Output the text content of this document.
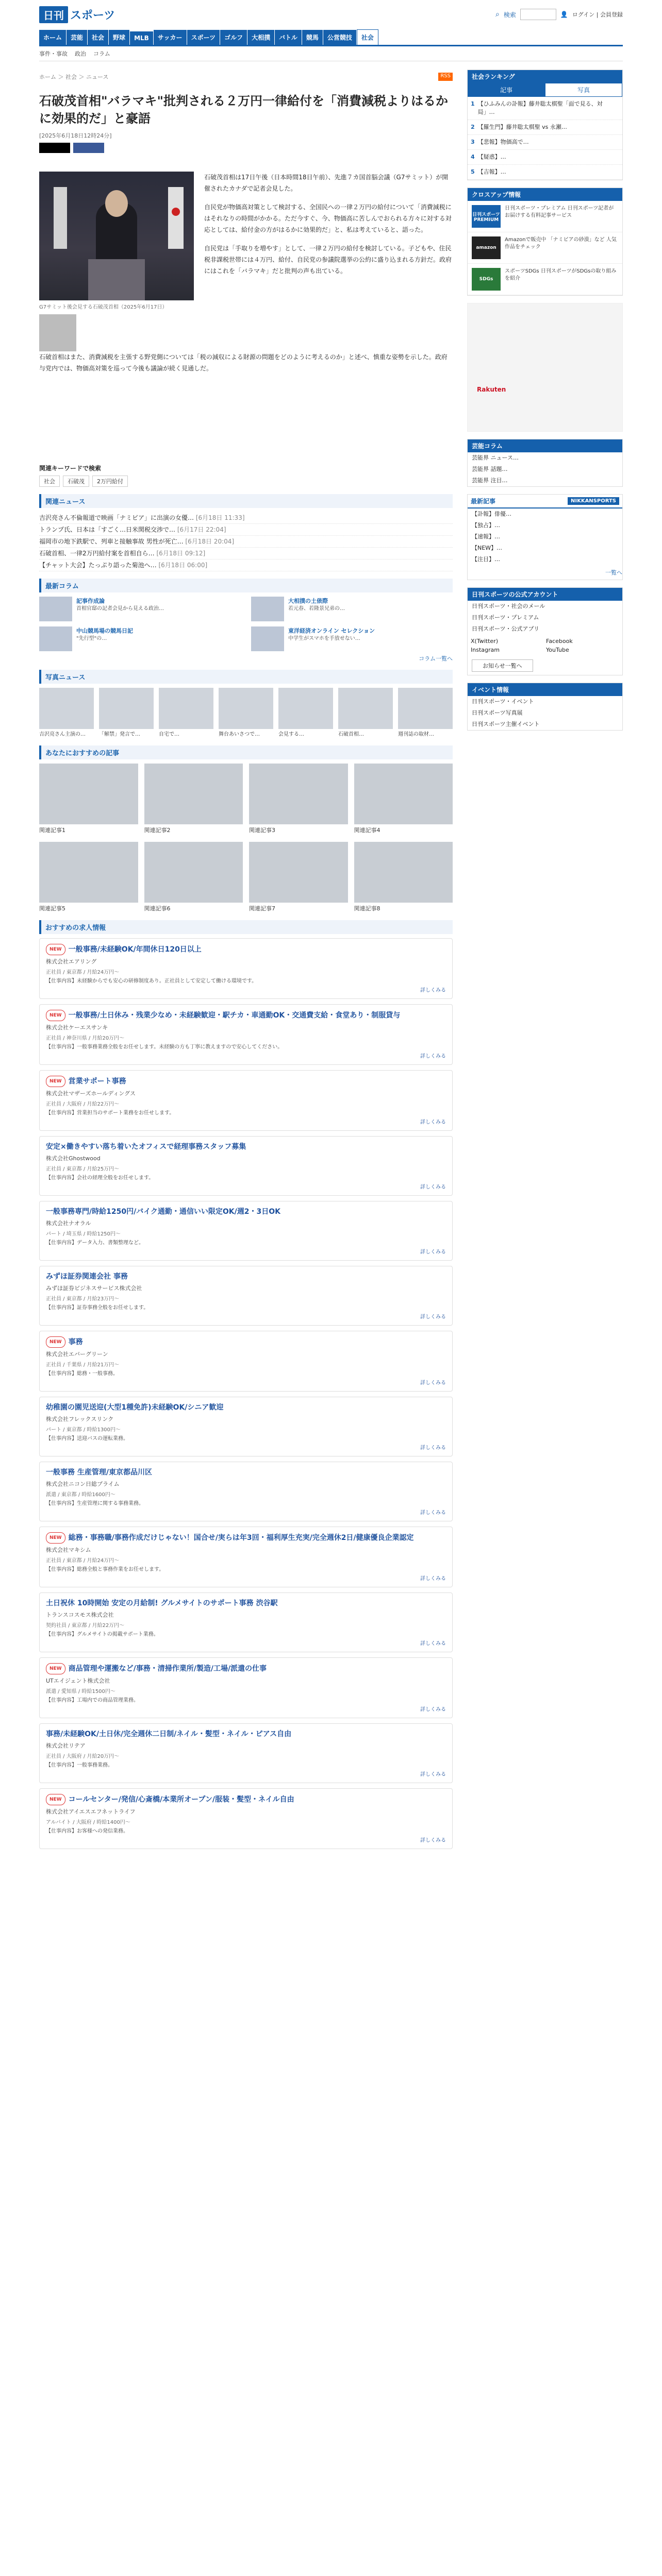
日刊 スポーツ	⌕ 検索	👤 ログイン | 会員登録
ホーム	芸能	社会	野球	MLB	サッカー	スポーツ	ゴルフ	大相撲	バトル	競馬	公営競技	社会
事件・事故 政治 コラム
ホーム ＞ 社会 ＞ ニュース	RSS
石破茂首相"バラマキ"批判される２万円一律給付を「消費減税よりはるかに効果的だ」と豪語
[2025年6月18日12時24分]
G7サミット後会見する石破茂首相（2025年6月17日）

石破茂首相は17日午後（日本時間18日午前）、先進７カ国首脳会議（G7サミット）が開催されたカナダで記者会見した。

自民党が物価高対策として検討する、全国民への一律２万円の給付について「消費減税にはそれなりの時間がかかる。ただ今すぐ、今、物価高に苦しんでおられる方々に対する対応としては、給付金の方がはるかに効果的だ」と、私は考えていると、語った。

自民党は「手取りを増やす」として、一律２万円の給付を検討している。子どもや、住民税非課税世帯には４万円、給付、自民党の参議院選挙の公約に盛り込まれる方針だ。政府にはこれを「バラマキ」だと批判の声も出ている。

石破首相はまた、消費減税を主張する野党側については「税の減収による財源の問題をどのように考えるのか」と述べ、慎重な姿勢を示した。政府与党内では、物価高対策を巡って今後も議論が続く見通しだ。

関連キーワードで検索
社会	石破茂	2万円給付
関連ニュース
吉沢亮さん不倫報道で映画「ナミビア」に出演の女優… [6月18日 11:33]
トランプ氏、日本は「すごく…日米関税交渉で… [6月17日 22:04]
福岡市の地下鉄駅で、列車と接触事故 男性が死亡… [6月18日 20:04]
石破首相、一律2万円給付案を首相自ら… [6月18日 09:12]
【チャット大会】たっぷり語った菊池へ… [6月18日 06:00]
最新コラム
記事作成論
首相官邸の記者会見から見える政治…
大相撲の土俵際
若元春、若隆景兄弟の…
中山競馬場の競馬日記
"先行型"の…
東洋経済オンライン セレクション
中学生がスマホを手放せない…
コラム一覧へ
写真ニュース
吉沢亮さん主演の…	「解禁」発言で…	自宅で…	舞台あいさつで…	会見する…	石破首相…	週刊誌の取材…
あなたにおすすめの記事
関連記事1	関連記事2	関連記事3	関連記事4
関連記事5	関連記事6	関連記事7	関連記事8
おすすめの求人情報
NEW 一般事務/未経験OK/年間休日120日以上
株式会社エアリング
正社員 / 東京都 / 月給24万円〜
【仕事内容】未経験からでも安心の研修制度あり。正社員として安定して働ける環境です。
詳しくみる
NEW 一般事務/土日休み・残業少なめ・未経験歓迎・駅チカ・車通勤OK・交通費支給・食堂あり・制服貸与
株式会社ケーエスサンキ
正社員 / 神奈川県 / 月給20万円〜
【仕事内容】一般事務業務全般をお任せします。未経験の方も丁寧に教えますので安心してください。
詳しくみる
NEW 営業サポート事務
株式会社マザーズホールディングス
正社員 / 大阪府 / 月給22万円〜
【仕事内容】営業担当のサポート業務をお任せします。
詳しくみる
安定×働きやすい落ち着いたオフィスで経理事務スタッフ募集
株式会社Ghostwood
正社員 / 東京都 / 月給25万円〜
【仕事内容】会社の経理全般をお任せします。
詳しくみる
一般事務専門/時給1250円/バイク通勤・通信いい限定OK/週2・3日OK
株式会社ナオラル
パート / 埼玉県 / 時給1250円〜
【仕事内容】データ入力、書類整理など。
詳しくみる
みずほ証券関連会社 事務
みずほ証券ビジネスサービス株式会社
正社員 / 東京都 / 月給23万円〜
【仕事内容】証券事務全般をお任せします。
詳しくみる
NEW 事務
株式会社エバーグリーン
正社員 / 千葉県 / 月給21万円〜
【仕事内容】総務・一般事務。
詳しくみる
幼稚園の園児送迎(大型1種免許)未経験OK/シニア歓迎
株式会社フレックスリンク
パート / 東京都 / 時給1300円〜
【仕事内容】送迎バスの運転業務。
詳しくみる
一般事務 生産管理/東京都品川区
株式会社ニコン日総プライム
派遣 / 東京都 / 時給1600円〜
【仕事内容】生産管理に関する事務業務。
詳しくみる
NEW 総務・事務職/事務作成だけじゃない！国合せ/実らは年3回・福利厚生充実/完全週休2日/健康優良企業認定
株式会社マキシム
正社員 / 東京都 / 月給24万円〜
【仕事内容】総務全般と事務作業をお任せします。
詳しくみる
土日祝休 10時開始 安定の月給制! グルメサイトのサポート事務 渋谷駅
トランスコスモス株式会社
契約社員 / 東京都 / 月給22万円〜
【仕事内容】グルメサイトの掲載サポート業務。
詳しくみる
NEW 商品管理や運搬など/事務・清掃作業所/製造/工場/派遣の仕事
UTエイジェント株式会社
派遣 / 愛知県 / 時給1500円〜
【仕事内容】工場内での商品管理業務。
詳しくみる
事務/未経験OK/土日休/完全週休二日制/ネイル・髪型・ネイル・ピアス自由
株式会社リテア
正社員 / 大阪府 / 月給20万円〜
【仕事内容】一般事務業務。
詳しくみる
NEW コールセンター/発信/心斎橋/本業所オープン/服装・髪型・ネイル自由
株式会社アイエスエフネットライフ
アルバイト / 大阪府 / 時給1400円〜
【仕事内容】お客様への発信業務。
詳しくみる
社会ランキング
記事	写真
1 【ひふみんの訃報】藤井聡太棋聖「面で見る、対局」…
2 【羅生門】藤井聡太棋聖 vs 永瀬…
3 【悲報】物価高で…
4 【疑惑】…
5 【吉報】…
クロスアップ情報
日刊スポーツ PREMIUM
日刊スポーツ・プレミアム 日刊スポーツ記者がお届けする有料記事サービス
amazon
Amazonで販売中 「ナミビアの砂漠」など 人気作品をチェック
SDGs
スポーツSDGs 日刊スポーツがSDGsの取り組みを紹介
Rakuten
芸能コラム
芸能界 ニュース…
芸能界 話題…
芸能界 注目…
最新記事	NIKKANSPORTS
【訃報】俳優…
【独占】…
【速報】…
【NEW】…
【注目】…
一覧へ
日刊スポーツの公式アカウント
日刊スポーツ・社会のメール
日刊スポーツ・プレミアム
日刊スポーツ・公式アプリ
X(Twitter)	Facebook
Instagram	YouTube
お知らせ一覧へ
イベント情報
日刊スポーツ・イベント
日刊スポーツ写真展
日刊スポーツ主催イベント
